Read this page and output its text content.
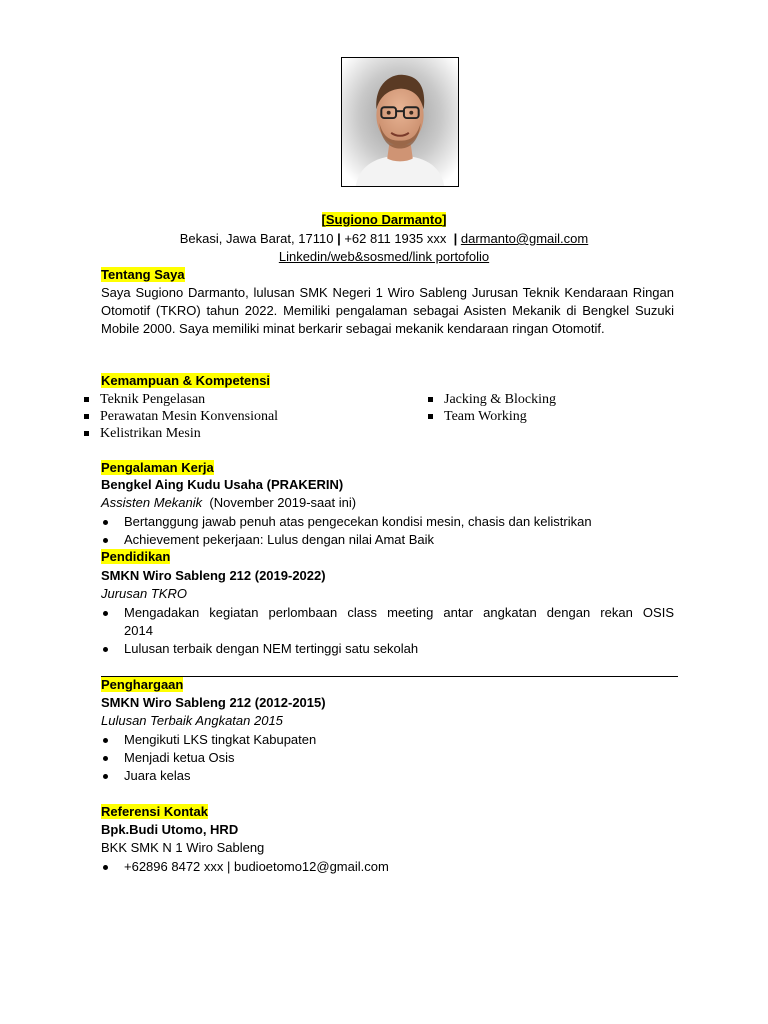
[Sugiono Darmanto]
Bekasi, Jawa Barat, 17110 | +62 811 1935 xxx | darmanto@gmail.com
Linkedin/web&sosmed/link portofolio
Tentang Saya

Saya Sugiono Darmanto, lulusan SMK Negeri 1 Wiro Sableng Jurusan Teknik Kendaraan Ringan Otomotif (TKRO) tahun 2022. Memiliki pengalaman sebagai Asisten Mekanik di Bengkel Suzuki Mobile 2000. Saya memiliki minat berkarir sebagai mekanik kendaraan ringan Otomotif.

Kemampuan & Kompetensi
Teknik Pengelasan
Perawatan Mesin Konvensional
Kelistrikan Mesin
Jacking & Blocking
Team Working
Pengalaman Kerja
Bengkel Aing Kudu Usaha (PRAKERIN)
Assisten Mekanik (November 2019-saat ini)
Bertanggung jawab penuh atas pengecekan kondisi mesin, chasis dan kelistrikan
Achievement pekerjaan: Lulus dengan nilai Amat Baik
Pendidikan
SMKN Wiro Sableng 212 (2019-2022)
Jurusan TKRO
Mengadakan kegiatan perlombaan class meeting antar angkatan dengan rekan OSIS
2014
Lulusan terbaik dengan NEM tertinggi satu sekolah
Penghargaan
SMKN Wiro Sableng 212 (2012-2015)
Lulusan Terbaik Angkatan 2015
Mengikuti LKS tingkat Kabupaten
Menjadi ketua Osis
Juara kelas
Referensi Kontak
Bpk.Budi Utomo, HRD
BKK SMK N 1 Wiro Sableng
+62896 8472 xxx | budioetomo12@gmail.com
